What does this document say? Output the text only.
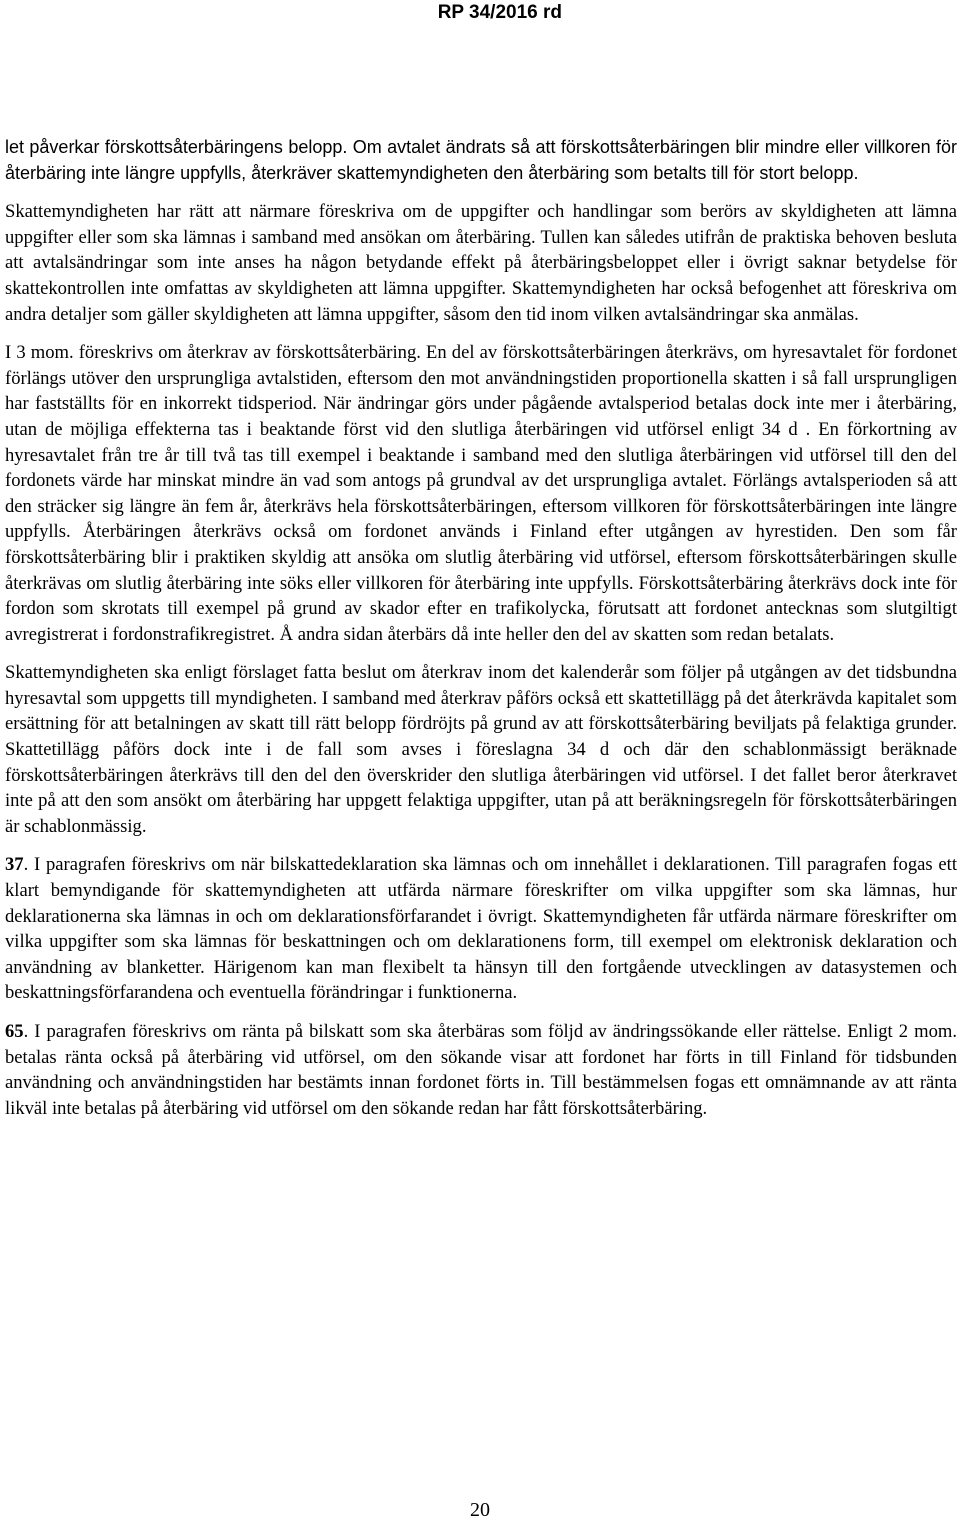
RP 34/2016 rd

let påverkar förskottsåterbäringens belopp. Om avtalet ändrats så att förskottsåterbäringen blir mindre eller villkoren för återbäring inte längre uppfylls, återkräver skattemyndigheten den återbäring som betalts till för stort belopp.

Skattemyndigheten har rätt att närmare föreskriva om de uppgifter och handlingar som berörs av skyldigheten att lämna uppgifter eller som ska lämnas i samband med ansökan om återbäring. Tullen kan således utifrån de praktiska behoven besluta att avtalsändringar som inte anses ha någon betydande effekt på återbäringsbeloppet eller i övrigt saknar betydelse för skattekontrollen inte omfattas av skyldigheten att lämna uppgifter. Skattemyndigheten har också befogenhet att föreskriva om andra detaljer som gäller skyldigheten att lämna uppgifter, såsom den tid inom vilken avtalsändringar ska anmälas.

I 3 mom. föreskrivs om återkrav av förskottsåterbäring. En del av förskottsåterbäringen återkrävs, om hyresavtalet för fordonet förlängs utöver den ursprungliga avtalstiden, eftersom den mot användningstiden proportionella skatten i så fall ursprungligen har fastställts för en inkorrekt tidsperiod. När ändringar görs under pågående avtalsperiod betalas dock inte mer i återbäring, utan de möjliga effekterna tas i beaktande först vid den slutliga återbäringen vid utförsel enligt 34 d . En förkortning av hyresavtalet från tre år till två tas till exempel i beaktande i samband med den slutliga återbäringen vid utförsel till den del fordonets värde har minskat mindre än vad som antogs på grundval av det ursprungliga avtalet. Förlängs avtalsperioden så att den sträcker sig längre än fem år, återkrävs hela förskottsåterbäringen, eftersom villkoren för förskottsåterbäringen inte längre uppfylls. Återbäringen återkrävs också om fordonet används i Finland efter utgången av hyrestiden. Den som får förskottsåterbäring blir i praktiken skyldig att ansöka om slutlig återbäring vid utförsel, eftersom förskottsåterbäringen skulle återkrävas om slutlig återbäring inte söks eller villkoren för återbäring inte uppfylls. Förskottsåterbäring återkrävs dock inte för fordon som skrotats till exempel på grund av skador efter en trafikolycka, förutsatt att fordonet antecknas som slutgiltigt avregistrerat i fordonstrafikregistret. Å andra sidan återbärs då inte heller den del av skatten som redan betalats.

Skattemyndigheten ska enligt förslaget fatta beslut om återkrav inom det kalenderår som följer på utgången av det tidsbundna hyresavtal som uppgetts till myndigheten. I samband med återkrav påförs också ett skattetillägg på det återkrävda kapitalet som ersättning för att betalningen av skatt till rätt belopp fördröjts på grund av att förskottsåterbäring beviljats på felaktiga grunder. Skattetillägg påförs dock inte i de fall som avses i föreslagna 34 d och där den schablonmässigt beräknade förskottsåterbäringen återkrävs till den del den överskrider den slutliga återbäringen vid utförsel. I det fallet beror återkravet inte på att den som ansökt om återbäring har uppgett felaktiga uppgifter, utan på att beräkningsregeln för förskottsåterbäringen är schablonmässig.

37. I paragrafen föreskrivs om när bilskattedeklaration ska lämnas och om innehållet i deklarationen. Till paragrafen fogas ett klart bemyndigande för skattemyndigheten att utfärda närmare föreskrifter om vilka uppgifter som ska lämnas, hur deklarationerna ska lämnas in och om deklarationsförfarandet i övrigt. Skattemyndigheten får utfärda närmare föreskrifter om vilka uppgifter som ska lämnas för beskattningen och om deklarationens form, till exempel om elektronisk deklaration och användning av blanketter. Härigenom kan man flexibelt ta hänsyn till den fortgående utvecklingen av datasystemen och beskattningsförfarandena och eventuella förändringar i funktionerna.

65. I paragrafen föreskrivs om ränta på bilskatt som ska återbäras som följd av ändringssökande eller rättelse. Enligt 2 mom. betalas ränta också på återbäring vid utförsel, om den sökande visar att fordonet har förts in till Finland för tidsbunden användning och användningstiden har bestämts innan fordonet förts in. Till bestämmelsen fogas ett omnämnande av att ränta likväl inte betalas på återbäring vid utförsel om den sökande redan har fått förskottsåterbäring.

20
